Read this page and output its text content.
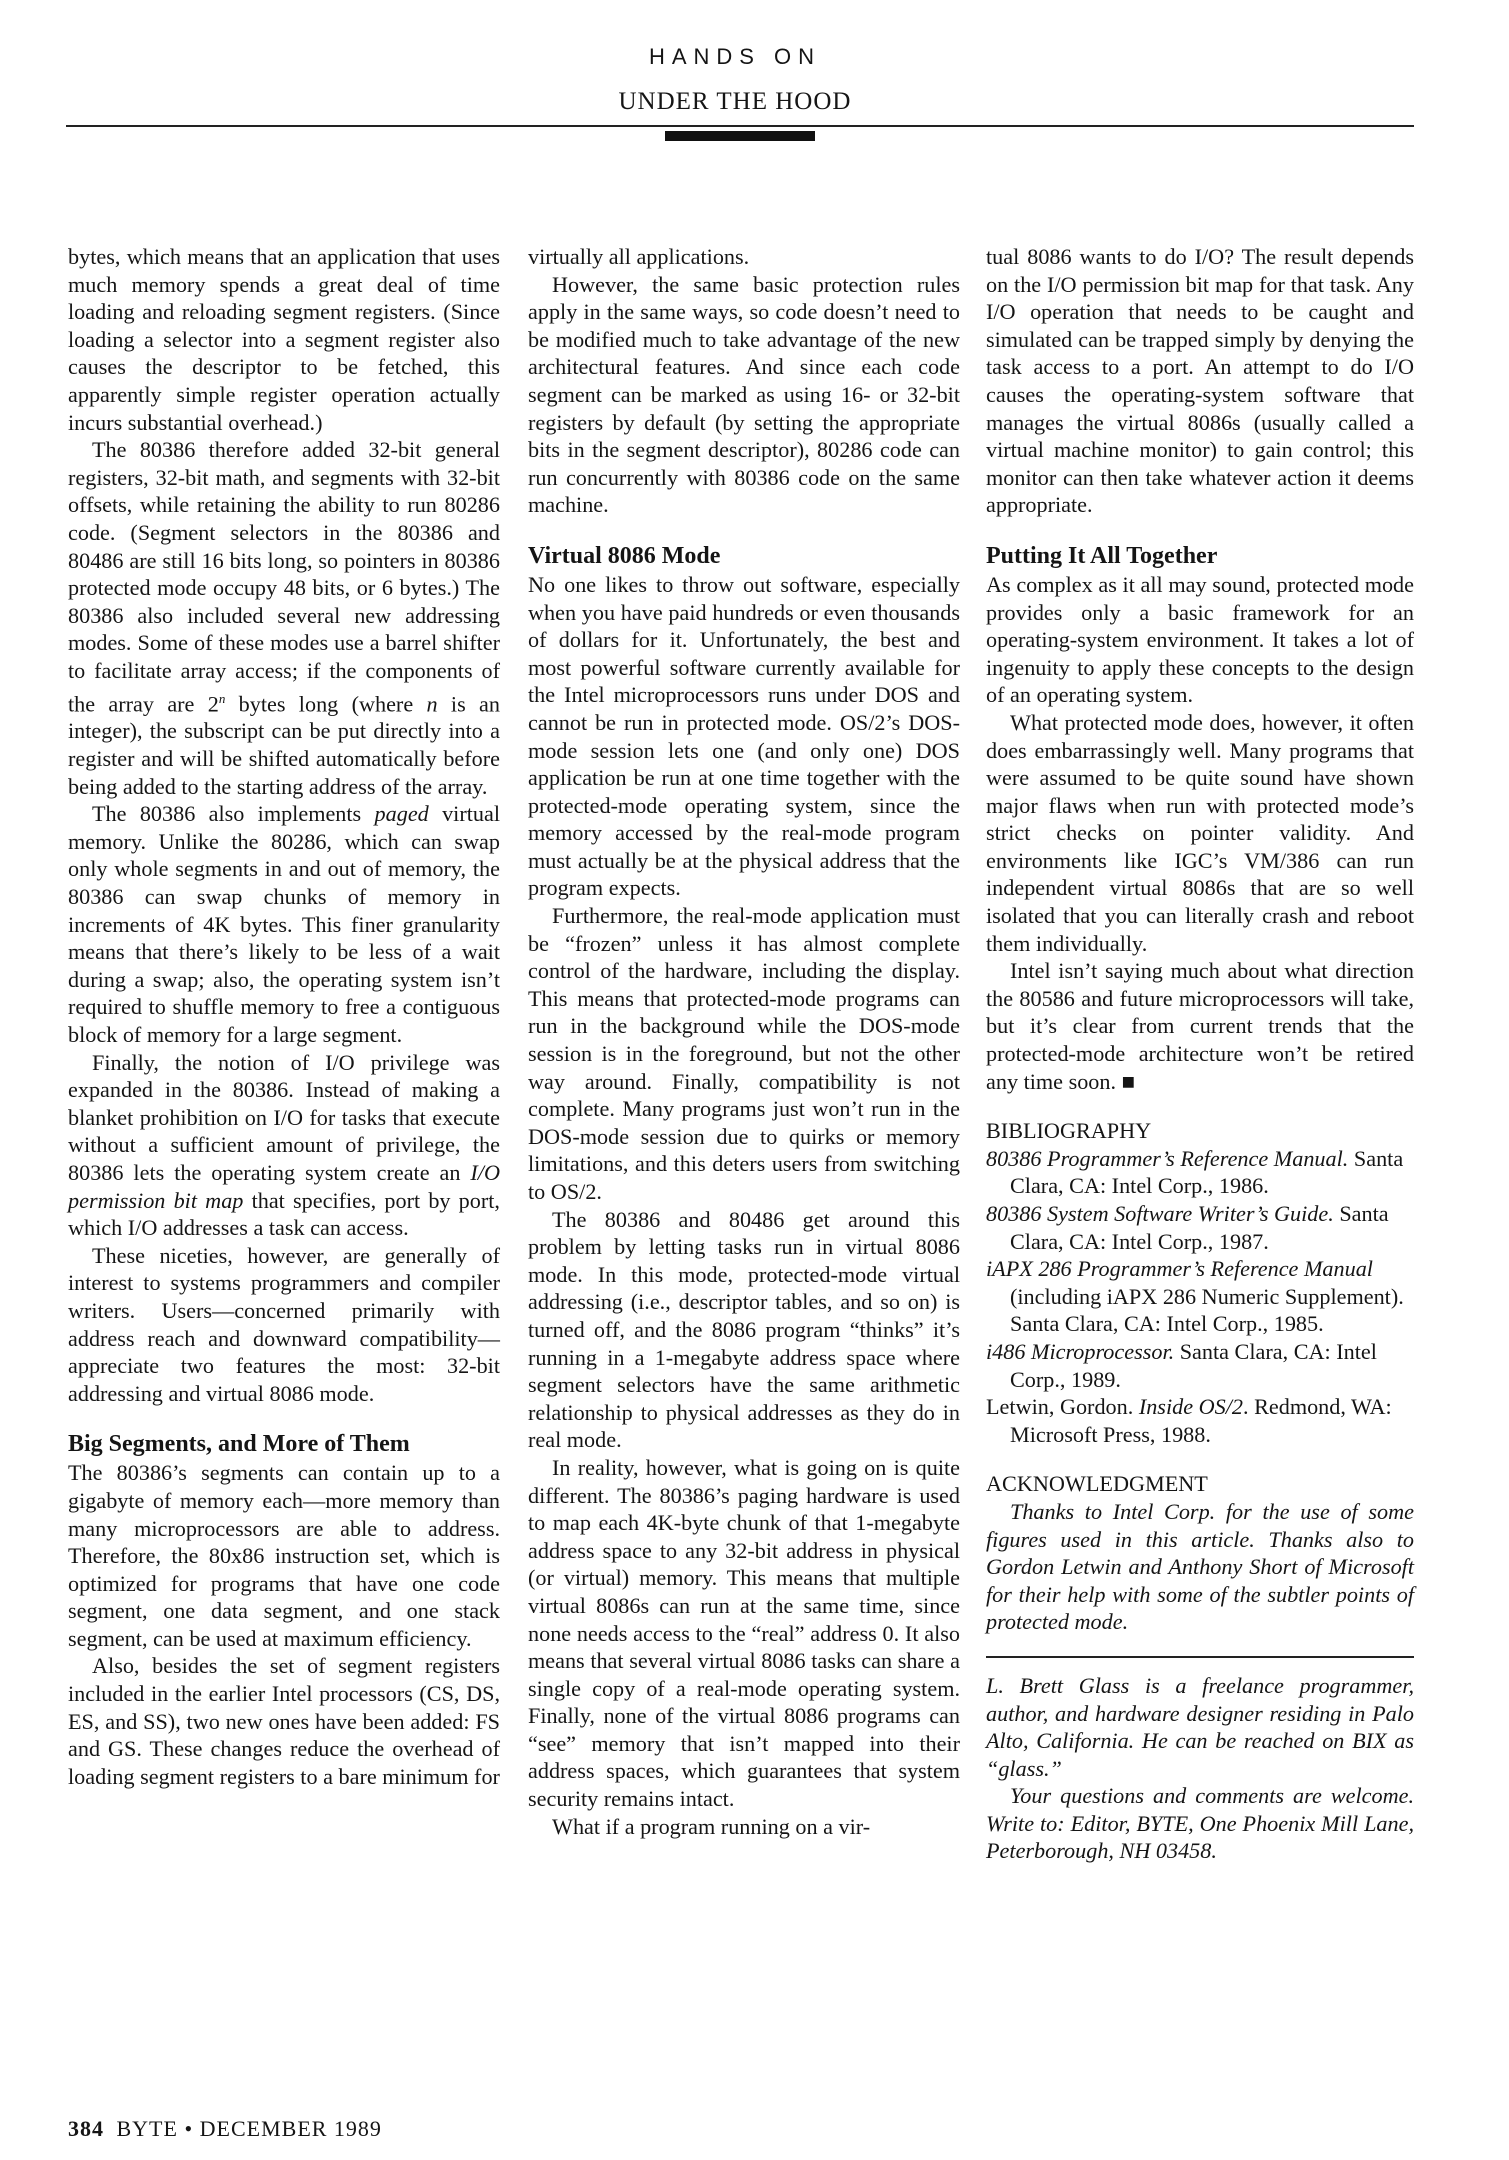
HANDS ON
UNDER THE HOOD

bytes, which means that an application that uses much memory spends a great deal of time loading and reloading segment registers. (Since loading a selector into a segment register also causes the descriptor to be fetched, this apparently simple register operation actually incurs substantial overhead.)

The 80386 therefore added 32-bit general registers, 32-bit math, and segments with 32-bit offsets, while retaining the ability to run 80286 code. (Segment selectors in the 80386 and 80486 are still 16 bits long, so pointers in 80386 protected mode occupy 48 bits, or 6 bytes.) The 80386 also included several new addressing modes. Some of these modes use a barrel shifter to facilitate array access; if the components of the array are 2$^n$ bytes long (where n is an integer), the subscript can be put directly into a register and will be shifted automatically before being added to the starting address of the array.

The 80386 also implements paged virtual memory. Unlike the 80286, which can swap only whole segments in and out of memory, the 80386 can swap chunks of memory in increments of 4K bytes. This finer granularity means that there’s likely to be less of a wait during a swap; also, the operating system isn’t required to shuffle memory to free a contiguous block of memory for a large segment.

Finally, the notion of I/O privilege was expanded in the 80386. Instead of making a blanket prohibition on I/O for tasks that execute without a sufficient amount of privilege, the 80386 lets the operating system create an I/O permission bit map that specifies, port by port, which I/O addresses a task can access.

These niceties, however, are generally of interest to systems programmers and compiler writers. Users—concerned primarily with address reach and downward compatibility—appreciate two features the most: 32-bit addressing and virtual 8086 mode.

Big Segments, and More of Them

The 80386’s segments can contain up to a gigabyte of memory each—more memory than many microprocessors are able to address. Therefore, the 80x86 instruction set, which is optimized for programs that have one code segment, one data segment, and one stack segment, can be used at maximum efficiency.

Also, besides the set of segment registers included in the earlier Intel processors (CS, DS, ES, and SS), two new ones have been added: FS and GS. These changes reduce the overhead of loading segment registers to a bare minimum for

virtually all applications.

However, the same basic protection rules apply in the same ways, so code doesn’t need to be modified much to take advantage of the new architectural features. And since each code segment can be marked as using 16- or 32-bit registers by default (by setting the appropriate bits in the segment descriptor), 80286 code can run concurrently with 80386 code on the same machine.

Virtual 8086 Mode

No one likes to throw out software, especially when you have paid hundreds or even thousands of dollars for it. Unfortunately, the best and most powerful software currently available for the Intel microprocessors runs under DOS and cannot be run in protected mode. OS/2’s DOS-mode session lets one (and only one) DOS application be run at one time together with the protected-mode operating system, since the memory accessed by the real-mode program must actually be at the physical address that the program expects.

Furthermore, the real-mode application must be “frozen” unless it has almost complete control of the hardware, including the display. This means that protected-mode programs can run in the background while the DOS-mode session is in the foreground, but not the other way around. Finally, compatibility is not complete. Many programs just won’t run in the DOS-mode session due to quirks or memory limitations, and this deters users from switching to OS/2.

The 80386 and 80486 get around this problem by letting tasks run in virtual 8086 mode. In this mode, protected-mode virtual addressing (i.e., descriptor tables, and so on) is turned off, and the 8086 program “thinks” it’s running in a 1-megabyte address space where segment selectors have the same arithmetic relationship to physical addresses as they do in real mode.

In reality, however, what is going on is quite different. The 80386’s paging hardware is used to map each 4K-byte chunk of that 1-megabyte address space to any 32-bit address in physical (or virtual) memory. This means that multiple virtual 8086s can run at the same time, since none needs access to the “real” address 0. It also means that several virtual 8086 tasks can share a single copy of a real-mode operating system. Finally, none of the virtual 8086 programs can “see” memory that isn’t mapped into their address spaces, which guarantees that system security remains intact.

What if a program running on a vir-

tual 8086 wants to do I/O? The result depends on the I/O permission bit map for that task. Any I/O operation that needs to be caught and simulated can be trapped simply by denying the task access to a port. An attempt to do I/O causes the operating-system software that manages the virtual 8086s (usually called a virtual machine monitor) to gain control; this monitor can then take whatever action it deems appropriate.

Putting It All Together

As complex as it all may sound, protected mode provides only a basic framework for an operating-system environment. It takes a lot of ingenuity to apply these concepts to the design of an operating system.

What protected mode does, however, it often does embarrassingly well. Many programs that were assumed to be quite sound have shown major flaws when run with protected mode’s strict checks on pointer validity. And environments like IGC’s VM/386 can run independent virtual 8086s that are so well isolated that you can literally crash and reboot them individually.

Intel isn’t saying much about what direction the 80586 and future microprocessors will take, but it’s clear from current trends that the protected-mode architecture won’t be retired any time soon. ■

BIBLIOGRAPHY

80386 Programmer’s Reference Manual. Santa Clara, CA: Intel Corp., 1986.

80386 System Software Writer’s Guide. Santa Clara, CA: Intel Corp., 1987.

iAPX 286 Programmer’s Reference Manual (including iAPX 286 Numeric Supplement). Santa Clara, CA: Intel Corp., 1985.

i486 Microprocessor. Santa Clara, CA: Intel Corp., 1989.

Letwin, Gordon. Inside OS/2. Redmond, WA: Microsoft Press, 1988.

ACKNOWLEDGMENT

Thanks to Intel Corp. for the use of some figures used in this article. Thanks also to Gordon Letwin and Anthony Short of Microsoft for their help with some of the subtler points of protected mode.

L. Brett Glass is a freelance programmer, author, and hardware designer residing in Palo Alto, California. He can be reached on BIX as “glass.”

Your questions and comments are welcome. Write to: Editor, BYTE, One Phoenix Mill Lane, Peterborough, NH 03458.

384 BYTE • DECEMBER 1989
